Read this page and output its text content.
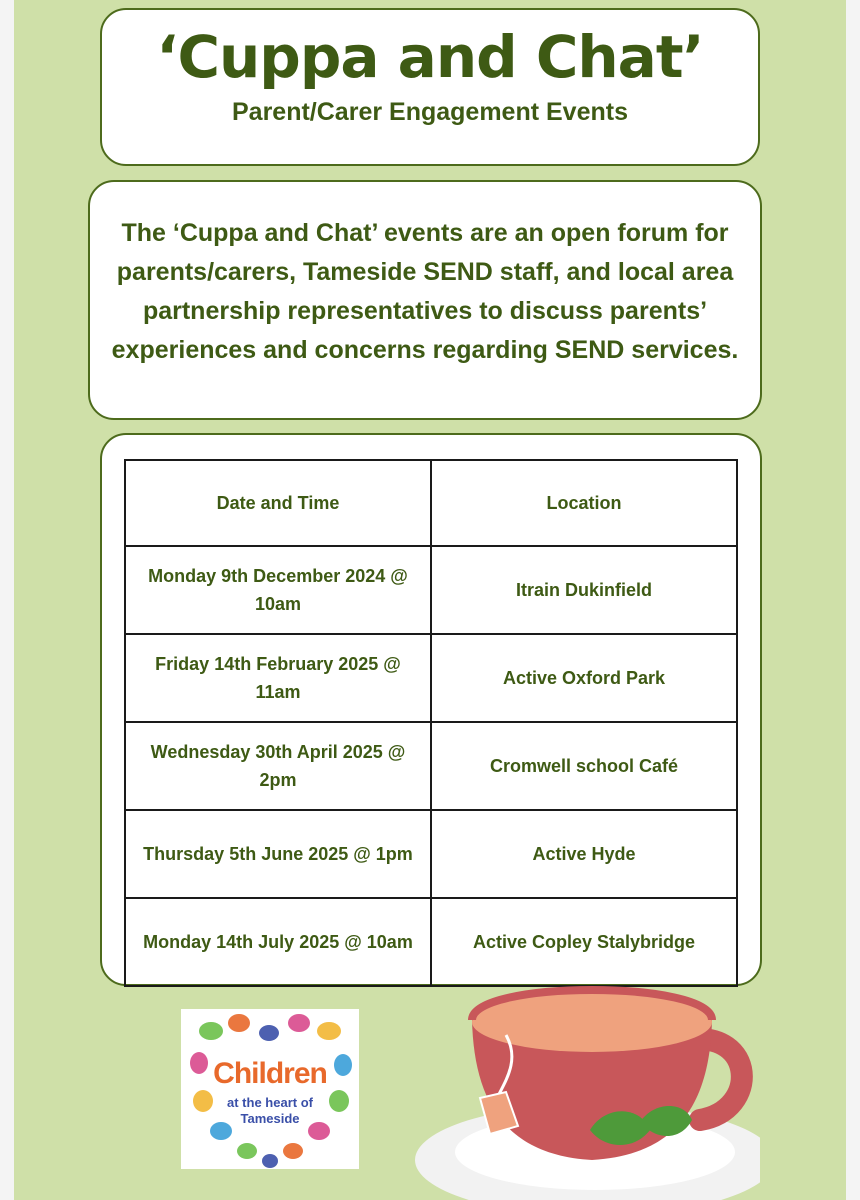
‘Cuppa and Chat’
Parent/Carer Engagement Events
The ‘Cuppa and Chat’ events are an open forum for parents/carers, Tameside SEND staff, and local area partnership representatives to discuss parents’ experiences and concerns regarding SEND services.
Date and Time	Location
Monday 9th December 2024 @ 10am	Itrain Dukinfield
Friday 14th February 2025 @ 11am	Active Oxford Park
Wednesday 30th April 2025 @ 2pm	Cromwell school Café
Thursday 5th June 2025 @ 1pm	Active Hyde
Monday 14th July 2025 @ 10am	Active Copley Stalybridge
Children
at the heart of
Tameside
